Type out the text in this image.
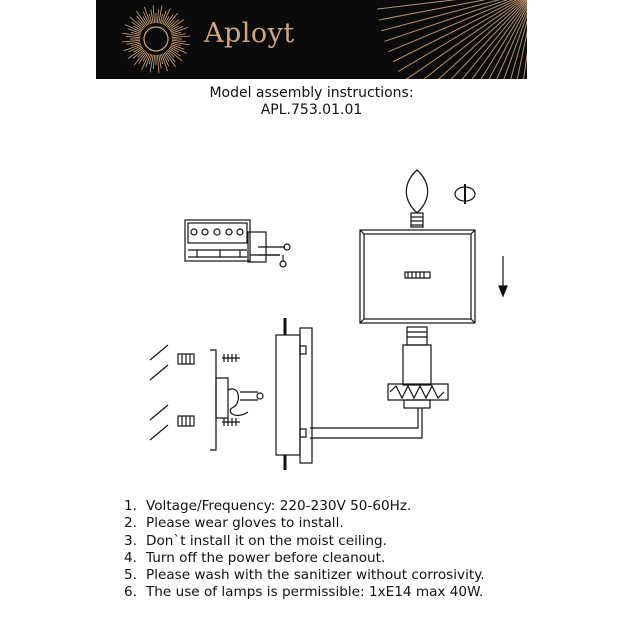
Aployt
Model assembly instructions:
APL.753.01.01
1. Voltage/Frequency: 220-230V 50-60Hz.
2. Please wear gloves to install.
3. Don`t install it on the moist ceiling.
4. Turn off the power before cleanout.
5. Please wash with the sanitizer without corrosivity.
6. The use of lamps is permissible: 1xE14 max 40W.
